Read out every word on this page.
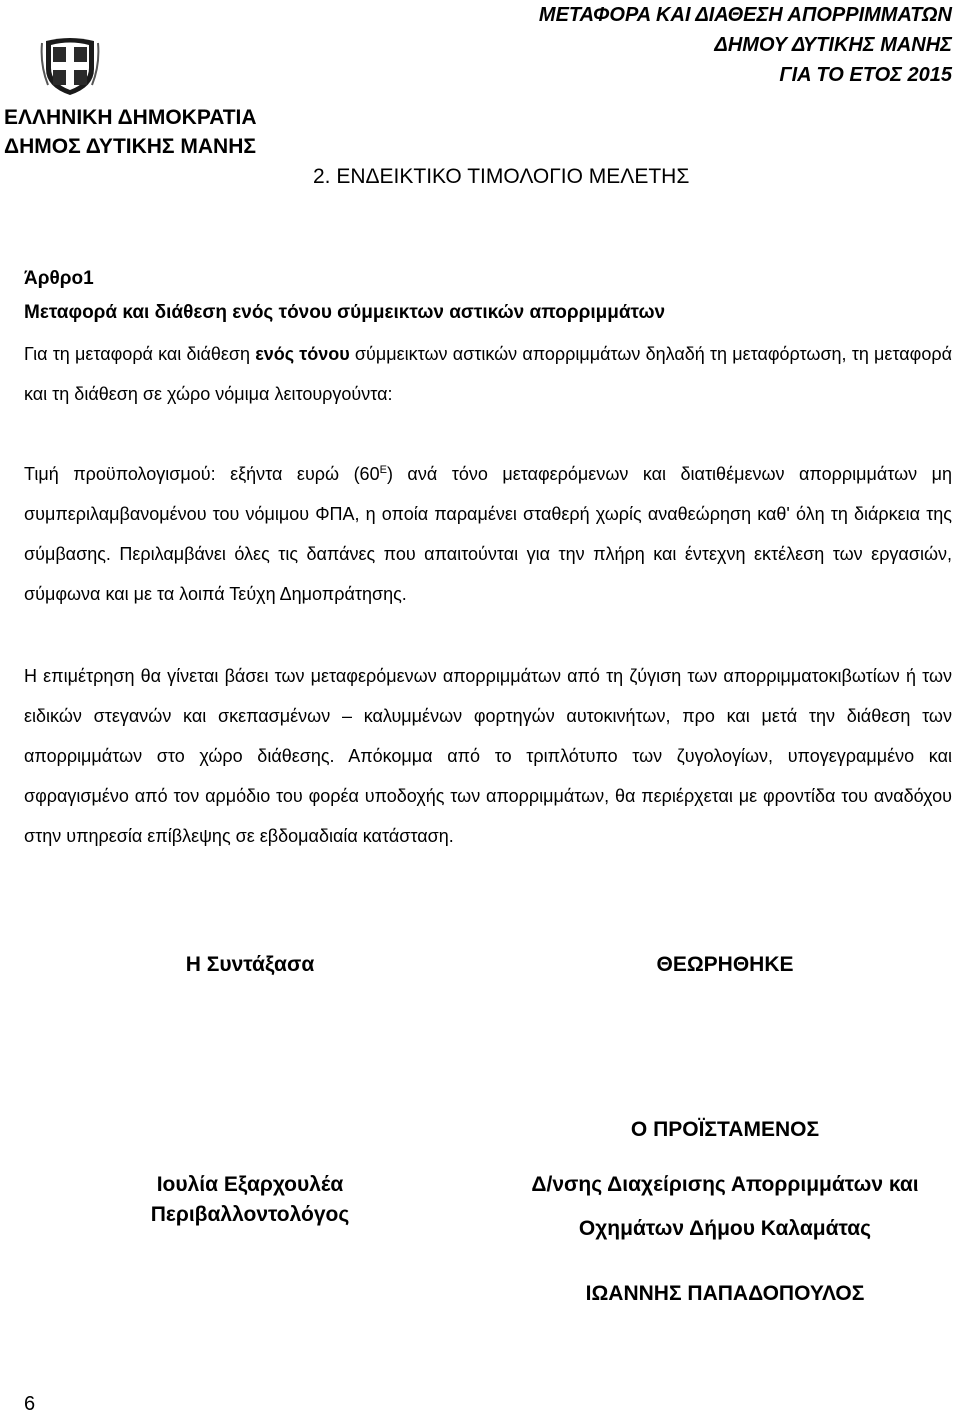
ΕΛΛΗΝΙΚΗ ΔΗΜΟΚΡΑΤΙΑ
ΔΗΜΟΣ ΔΥΤΙΚΗΣ ΜΑΝΗΣ
ΜΕΤΑΦΟΡΑ ΚΑΙ ΔΙΑΘΕΣΗ ΑΠΟΡΡΙΜΜΑΤΩΝ
ΔΗΜΟΥ ΔΥΤΙΚΗΣ ΜΑΝΗΣ
ΓΙΑ ΤΟ ΕΤΟΣ 2015
2. ΕΝΔΕΙΚΤΙΚΟ ΤΙΜΟΛΟΓΙΟ ΜΕΛΕΤΗΣ
Άρθρο1
Μεταφορά και διάθεση ενός τόνου σύμμεικτων αστικών απορριμμάτων
Για τη μεταφορά και διάθεση ενός τόνου σύμμεικτων αστικών απορριμμάτων δηλαδή τη μεταφόρτωση, τη μεταφορά και τη διάθεση σε χώρο νόμιμα λειτουργούντα:
Τιμή προϋπολογισμού: εξήντα ευρώ $(60^E)$ ανά τόνο μεταφερόμενων και διατιθέμενων απορριμμάτων μη συμπεριλαμβανομένου του νόμιμου ΦΠΑ, η οποία παραμένει σταθερή χωρίς αναθεώρηση καθ' όλη τη διάρκεια της σύμβασης. Περιλαμβάνει όλες τις δαπάνες που απαιτούνται για την πλήρη και έντεχνη εκτέλεση των εργασιών, σύμφωνα και με τα λοιπά Τεύχη Δημοπράτησης.
Η επιμέτρηση θα γίνεται βάσει των μεταφερόμενων απορριμμάτων από τη ζύγιση των απορριμματοκιβωτίων ή των ειδικών στεγανών και σκεπασμένων – καλυμμένων φορτηγών αυτοκινήτων, προ και μετά την διάθεση των απορριμμάτων στο χώρο διάθεσης. Απόκομμα από το τριπλότυπο των ζυγολογίων, υπογεγραμμένο και σφραγισμένο από τον αρμόδιο του φορέα υποδοχής των απορριμμάτων, θα περιέρχεται με φροντίδα του αναδόχου στην υπηρεσία επίβλεψης σε εβδομαδιαία κατάσταση.
Η Συντάξασα	ΘΕΩΡΗΘΗΚΕ
Ο ΠΡΟΪΣΤΑΜΕΝΟΣ
Ιουλία Εξαρχουλέα
Περιβαλλοντολόγος
Δ/νσης Διαχείρισης Απορριμμάτων και
Οχημάτων Δήμου Καλαμάτας
ΙΩΑΝΝΗΣ ΠΑΠΑΔΟΠΟΥΛΟΣ
6
